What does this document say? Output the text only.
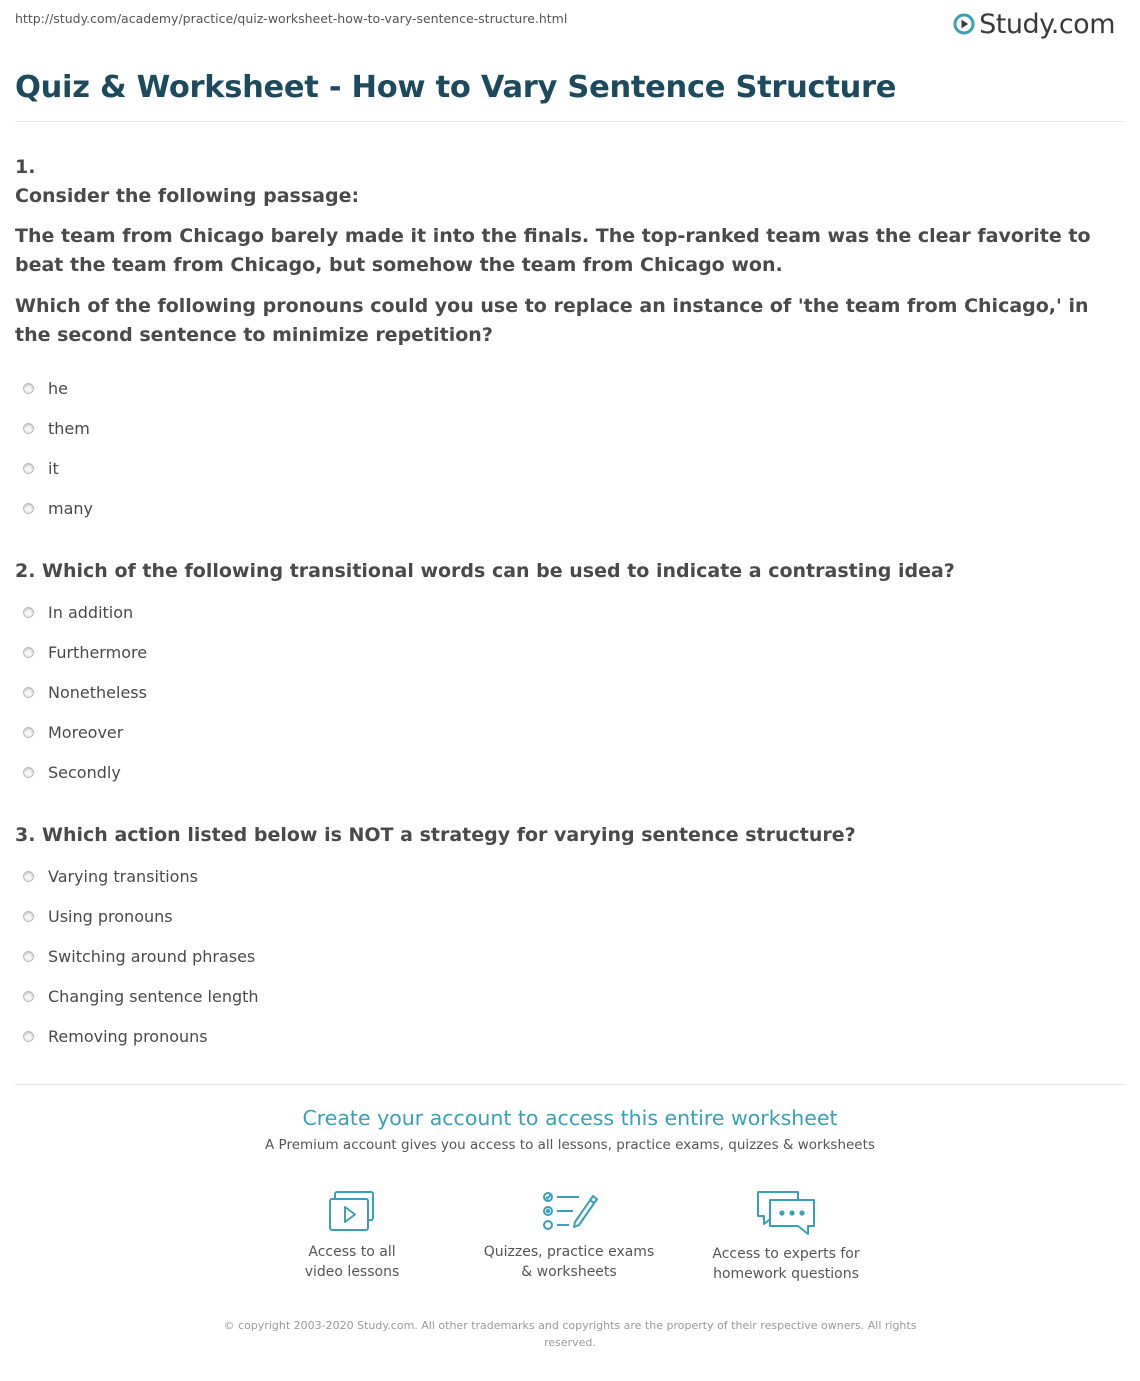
http://study.com/academy/practice/quiz-worksheet-how-to-vary-sentence-structure.html	Study.com
Quiz & Worksheet - How to Vary Sentence Structure
1.

Consider the following passage:

The team from Chicago barely made it into the finals. The top-ranked team was the clear favorite to beat the team from Chicago, but somehow the team from Chicago won.

Which of the following pronouns could you use to replace an instance of 'the team from Chicago,' in the second sentence to minimize repetition?

he
them
it
many

2. Which of the following transitional words can be used to indicate a contrasting idea?

In addition
Furthermore
Nonetheless
Moreover
Secondly

3. Which action listed below is NOT a strategy for varying sentence structure?

Varying transitions
Using pronouns
Switching around phrases
Changing sentence length
Removing pronouns
Create your account to access this entire worksheet
A Premium account gives you access to all lessons, practice exams, quizzes & worksheets
Access to all
video lessons
Quizzes, practice exams
& worksheets
Access to experts for
homework questions
© copyright 2003-2020 Study.com. All other trademarks and copyrights are the property of their respective owners. All rights
reserved.
